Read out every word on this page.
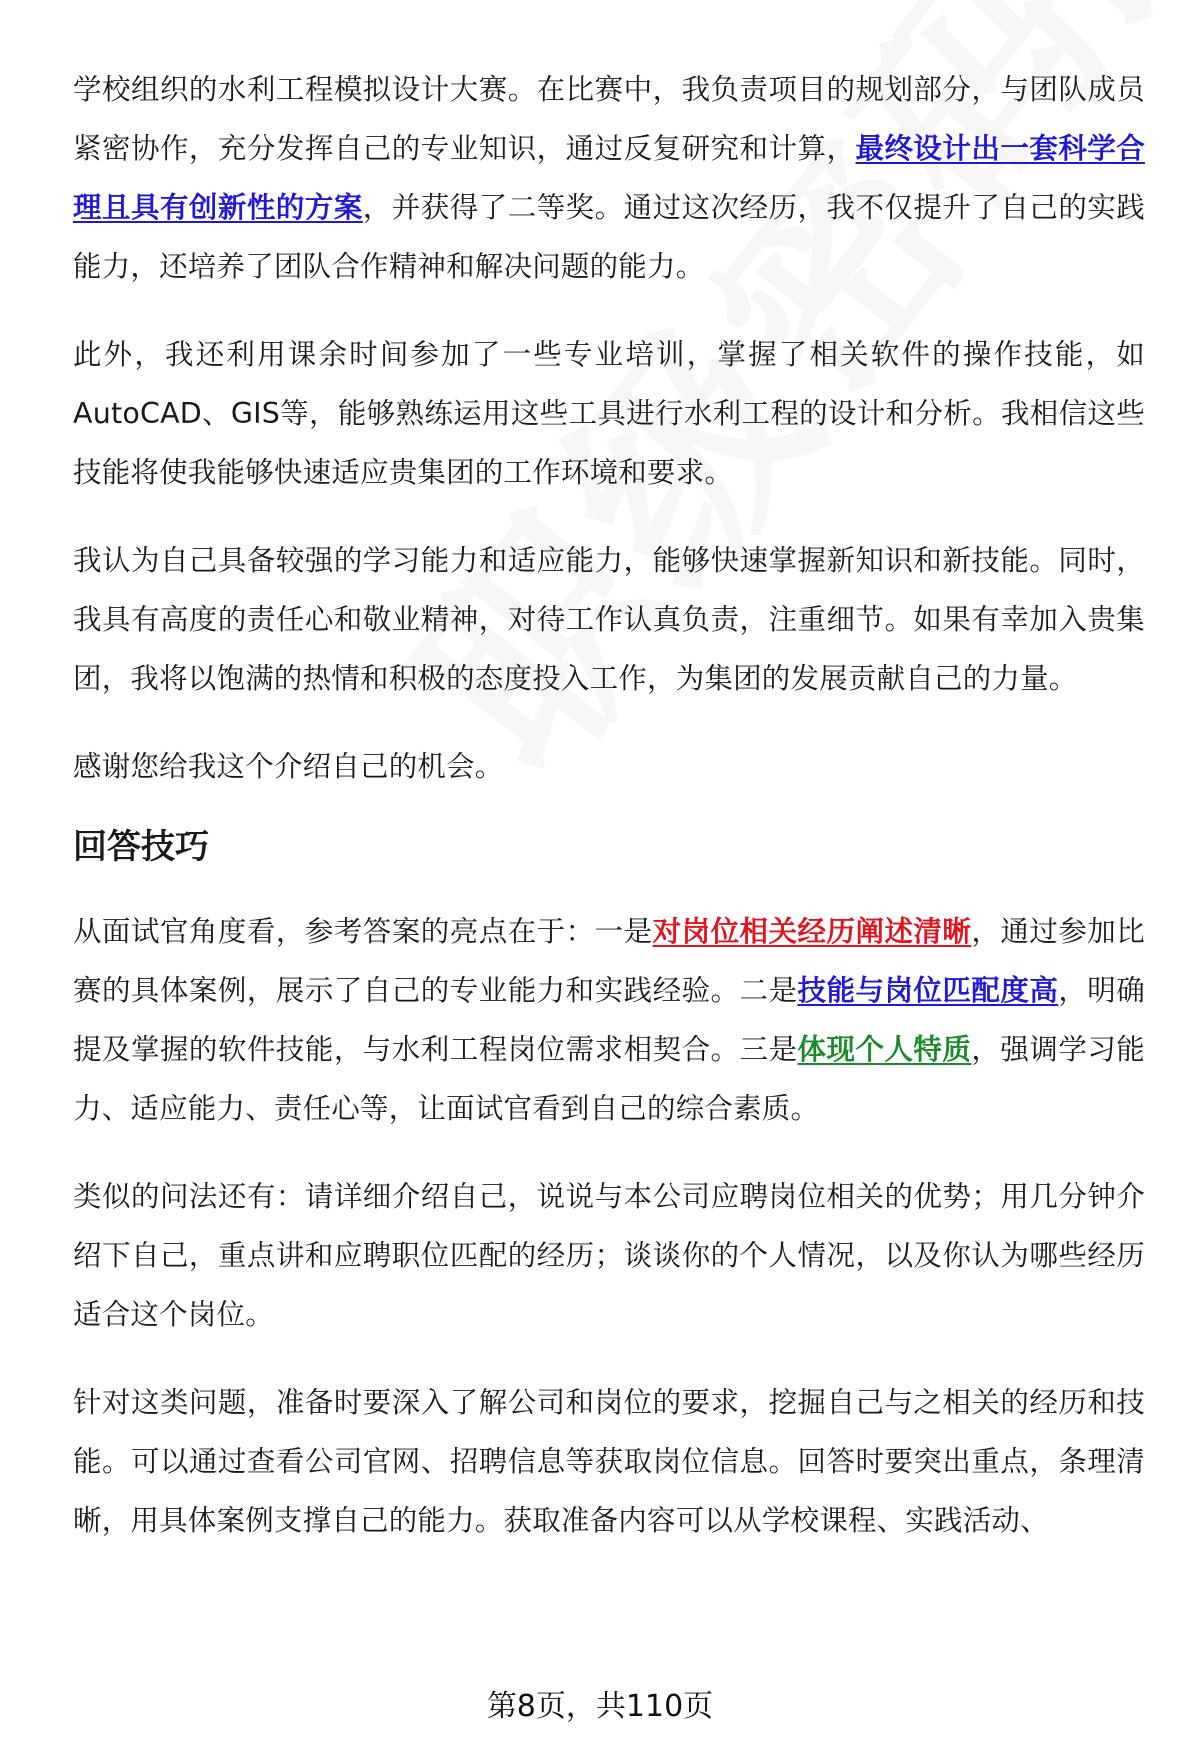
学校组织的水利工程模拟设计大赛。在比赛中，我负责项目的规划部分，与团队成员紧密协作，充分发挥自己的专业知识，通过反复研究和计算，最终设计出一套科学合理且具有创新性的方案，并获得了二等奖。通过这次经历，我不仅提升了自己的实践能力，还培养了团队合作精神和解决问题的能力。

此外，我还利用课余时间参加了一些专业培训，掌握了相关软件的操作技能，如AutoCAD、GIS等，能够熟练运用这些工具进行水利工程的设计和分析。我相信这些技能将使我能够快速适应贵集团的工作环境和要求。

我认为自己具备较强的学习能力和适应能力，能够快速掌握新知识和新技能。同时，我具有高度的责任心和敬业精神，对待工作认真负责，注重细节。如果有幸加入贵集团，我将以饱满的热情和积极的态度投入工作，为集团的发展贡献自己的力量。

感谢您给我这个介绍自己的机会。

回答技巧

从面试官角度看，参考答案的亮点在于：一是对岗位相关经历阐述清晰，通过参加比赛的具体案例，展示了自己的专业能力和实践经验。二是技能与岗位匹配度高，明确提及掌握的软件技能，与水利工程岗位需求相契合。三是体现个人特质，强调学习能力、适应能力、责任心等，让面试官看到自己的综合素质。

类似的问法还有：请详细介绍自己，说说与本公司应聘岗位相关的优势；用几分钟介绍下自己，重点讲和应聘职位匹配的经历；谈谈你的个人情况，以及你认为哪些经历适合这个岗位。

针对这类问题，准备时要深入了解公司和岗位的要求，挖掘自己与之相关的经历和技能。可以通过查看公司官网、招聘信息等获取岗位信息。回答时要突出重点，条理清晰，用具体案例支撑自己的能力。获取准备内容可以从学校课程、实践活动、

第8页，共110页
